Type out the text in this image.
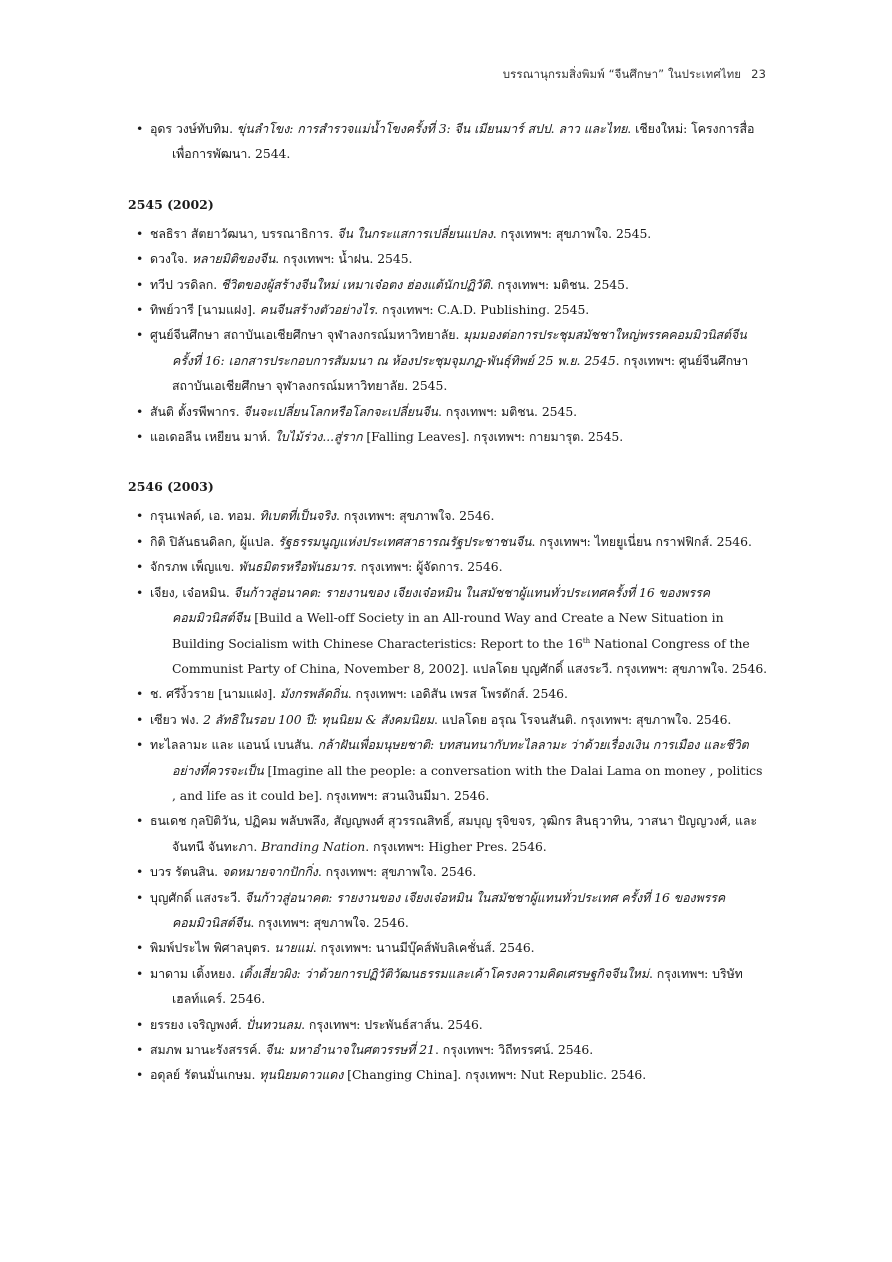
บรรณานุกรมสิ่งพิมพ์ “จีนศึกษา” ในประเทศไทย 23
• อุดร วงษ์ทับทิม. ขุ่นลำโขง: การสำรวจแม่น้ำโขงครั้งที่ 3: จีน เมียนมาร์ สปป. ลาว และไทย. เชียงใหม่: โครงการสื่อเพื่อการพัฒนา. 2544.
2545 (2002)
• ชลธิรา สัตยาวัฒนา, บรรณาธิการ. จีน ในกระแสการเปลี่ยนแปลง. กรุงเทพฯ: สุขภาพใจ. 2545.
• ดวงใจ. หลายมิติของจีน. กรุงเทพฯ: น้ำฝน. 2545.
• ทวีป วรดิลก. ชีวิตของผู้สร้างจีนใหม่ เหมาเจ๋อตง ฮ่องแต้นักปฏิวัติ. กรุงเทพฯ: มติชน. 2545.
• ทิพย์วารี [นามแฝง]. คนจีนสร้างตัวอย่างไร. กรุงเทพฯ: C.A.D. Publishing. 2545.
• ศูนย์จีนศึกษา สถาบันเอเชียศึกษา จุฬาลงกรณ์มหาวิทยาลัย. มุมมองต่อการประชุมสมัชชาใหญ่พรรคคอมมิวนิสต์จีน ครั้งที่ 16: เอกสารประกอบการสัมมนา ณ ห้องประชุมจุมภฏ-พันธุ์ทิพย์ 25 พ.ย. 2545. กรุงเทพฯ: ศูนย์จีนศึกษา สถาบันเอเชียศึกษา จุฬาลงกรณ์มหาวิทยาลัย. 2545.
• สันติ ตั้งรพีพากร. จีนจะเปลี่ยนโลกหรือโลกจะเปลี่ยนจีน. กรุงเทพฯ: มติชน. 2545.
• แอเดอลีน เหยียน มาห์. ใบไม้ร่วง...สู่ราก [Falling Leaves]. กรุงเทพฯ: กายมารุต. 2545.
2546 (2003)
• กรุนเฟลด์, เอ. ทอม. ทิเบตที่เป็นจริง. กรุงเทพฯ: สุขภาพใจ. 2546.
• กิติ ปิลันธนดิลก, ผู้แปล. รัฐธรรมนูญแห่งประเทศสาธารณรัฐประชาชนจีน. กรุงเทพฯ: ไทยยูเนี่ยน กราฟฟิกส์. 2546.
• จักรภพ เพ็ญแข. พันธมิตรหรือพันธมาร. กรุงเทพฯ: ผู้จัดการ. 2546.
• เจียง, เจ๋อหมิน. จีนก้าวสู่อนาคต: รายงานของ เจียงเจ๋อหมิน ในสมัชชาผู้แทนทั่วประเทศครั้งที่ 16 ของพรรคคอมมิวนิสต์จีน [Build a Well-off Society in an All-round Way and Create a New Situation in Building Socialism with Chinese Characteristics: Report to the 16th National Congress of the Communist Party of China, November 8, 2002]. แปลโดย บุญศักดิ์ แสงระวี. กรุงเทพฯ: สุขภาพใจ. 2546.
• ช. ศรีงิ้วราย [นามแฝง]. มังกรพลัดถิ่น. กรุงเทพฯ: เอดิสัน เพรส โพรดักส์. 2546.
• เซียว ฟง. 2 ลัทธิในรอบ 100 ปี: ทุนนิยม & สังคมนิยม. แปลโดย อรุณ โรจนสันติ. กรุงเทพฯ: สุขภาพใจ. 2546.
• ทะไลลามะ และ แอนน์ เบนสัน. กล้าฝันเพื่อมนุษยชาติ: บทสนทนากับทะไลลามะ ว่าด้วยเรื่องเงิน การเมือง และชีวิตอย่างที่ควรจะเป็น [Imagine all the people: a conversation with the Dalai Lama on money , politics , and life as it could be]. กรุงเทพฯ: สวนเงินมีมา. 2546.
• ธนเดช กุลปิติวัน, ปฏิคม พลับพลึง, สัญญพงศ์ สุวรรณสิทธิ์, สมบุญ รุจิขจร, วุฒิกร สินธุวาทิน, วาสนา ปัญญวงศ์, และ จันทนี จันทะภา. Branding Nation. กรุงเทพฯ: Higher Pres. 2546.
• บวร รัตนสิน. จดหมายจากปักกิ่ง. กรุงเทพฯ: สุขภาพใจ. 2546.
• บุญศักดิ์ แสงระวี. จีนก้าวสู่อนาคต: รายงานของ เจียงเจ๋อหมิน ในสมัชชาผู้แทนทั่วประเทศ ครั้งที่ 16 ของพรรคคอมมิวนิสต์จีน. กรุงเทพฯ: สุขภาพใจ. 2546.
• พิมพ์ประไพ พิศาลบุตร. นายแม่. กรุงเทพฯ: นานมีบุ๊คส์พับลิเคชั่นส์. 2546.
• มาดาม เติ้งหยง. เติ้งเสี่ยวผิง: ว่าด้วยการปฏิวัติวัฒนธรรมและเค้าโครงความคิดเศรษฐกิจจีนใหม่. กรุงเทพฯ: บริษัท เฮลท์แคร์. 2546.
• ยรรยง เจริญพงศ์. ปั่นทวนลม. กรุงเทพฯ: ประพันธ์สาส์น. 2546.
• สมภพ มานะรังสรรค์. จีน: มหาอำนาจในศตวรรษที่ 21. กรุงเทพฯ: วิถีทรรศน์. 2546.
• อดุลย์ รัตนมั่นเกษม. ทุนนิยมดาวแดง [Changing China]. กรุงเทพฯ: Nut Republic. 2546.
